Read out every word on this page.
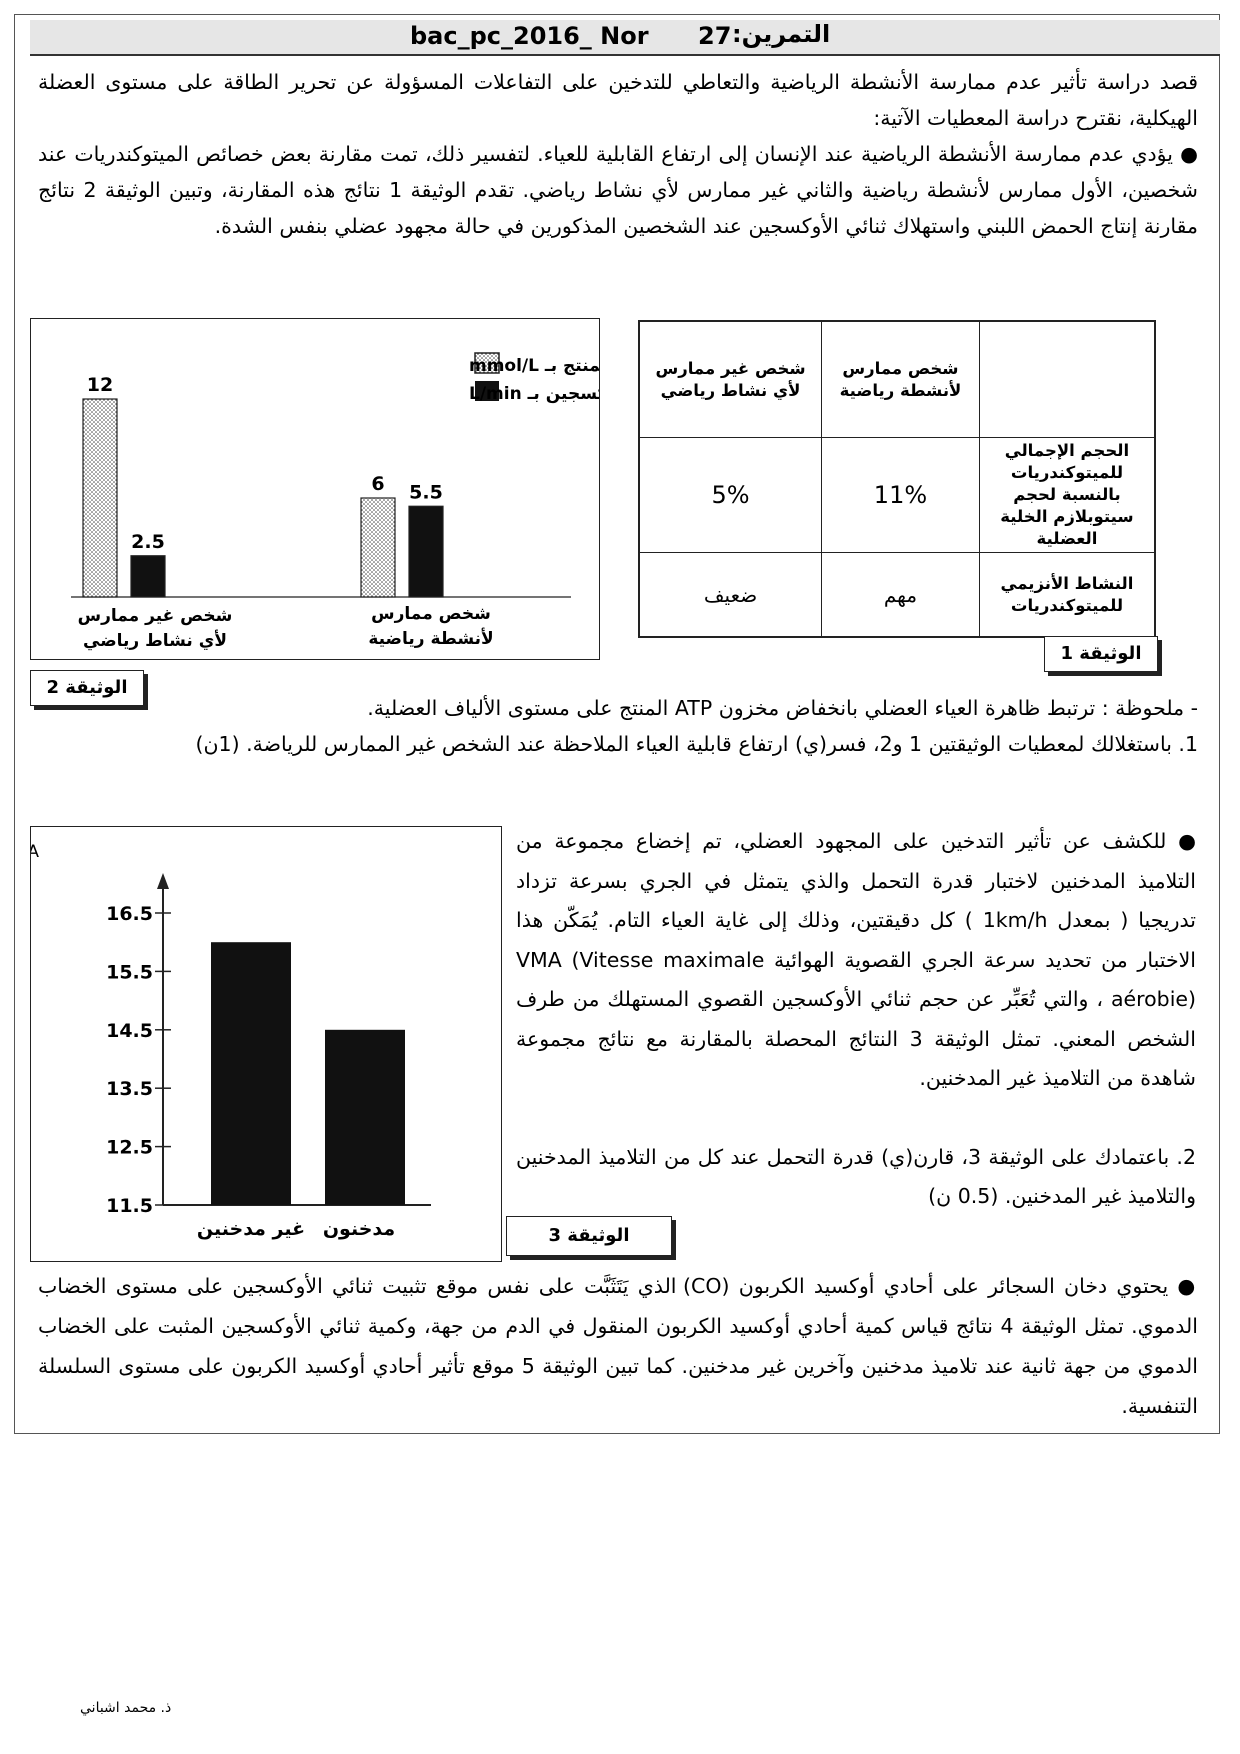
bac_pc_2016_ Nor 27 التمرين:
قصد دراسة تأثير عدم ممارسة الأنشطة الرياضية والتعاطي للتدخين على التفاعلات المسؤولة عن تحرير الطاقة على مستوى العضلة الهيكلية، نقترح دراسة المعطيات الآتية:
● يؤدي عدم ممارسة الأنشطة الرياضية عند الإنسان إلى ارتفاع القابلية للعياء. لتفسير ذلك، تمت مقارنة بعض خصائص الميتوكندريات عند شخصين، الأول ممارس لأنشطة رياضية والثاني غير ممارس لأي نشاط رياضي. تقدم الوثيقة 1 نتائج هذه المقارنة، وتبين الوثيقة 2 نتائج مقارنة إنتاج الحمض اللبني واستهلاك ثنائي الأوكسجين عند الشخصين المذكورين في حالة مجهود عضلي بنفس الشدة.
	شخص ممارس لأنشطة رياضية	شخص غير ممارس لأي نشاط رياضي
الحجم الإجمالي للميتوكندريات بالنسبة لحجم سيتوبلازم الخلية العضلية	11%	5%
النشاط الأنزيمي للميتوكندريات	مهم	ضعيف
الوثيقة 1
منتج بـ mmol/L
سجين بـ L/min
12
2.5
6 5.5
شخص غير ممارس
لأي نشاط رياضي
شخص ممارس
لأنشطة رياضية
الوثيقة 2
- ملحوظة : ترتبط ظاهرة العياء العضلي بانخفاض مخزون ATP المنتج على مستوى الألياف العضلية.
1. باستغلالك لمعطيات الوثيقتين 1 و2، فسر(ي) ارتفاع قابلية العياء الملاحظة عند الشخص غير الممارس للرياضة. (1ن)
A
11.5
12.5
13.5
14.5
15.5
16.5
غير مدخنين مدخنون	الوثيقة 3
● للكشف عن تأثير التدخين على المجهود العضلي، تم إخضاع مجموعة من التلاميذ المدخنين لاختبار قدرة التحمل والذي يتمثل في الجري بسرعة تزداد تدريجيا ( بمعدل 1km/h ) كل دقيقتين، وذلك إلى غاية العياء التام. يُمَكّن هذا الاختبار من تحديد سرعة الجري القصوية الهوائية VMA (Vitesse maximale aérobie) ، والتي تُعَبِّر عن حجم ثنائي الأوكسجين القصوي المستهلك من طرف الشخص المعني. تمثل الوثيقة 3 النتائج المحصلة بالمقارنة مع نتائج مجموعة شاهدة من التلاميذ غير المدخنين.
2. باعتمادك على الوثيقة 3، قارن(ي) قدرة التحمل عند كل من التلاميذ المدخنين والتلاميذ غير المدخنين. (0.5 ن)
● يحتوي دخان السجائر على أحادي أوكسيد الكربون (CO) الذي يَتَثَبَّت على نفس موقع تثبيت ثنائي الأوكسجين على مستوى الخضاب الدموي. تمثل الوثيقة 4 نتائج قياس كمية أحادي أوكسيد الكربون المنقول في الدم من جهة، وكمية ثنائي الأوكسجين المثبت على الخضاب الدموي من جهة ثانية عند تلاميذ مدخنين وآخرين غير مدخنين. كما تبين الوثيقة 5 موقع تأثير أحادي أوكسيد الكربون على مستوى السلسلة التنفسية.
ذ. محمد اشباني
